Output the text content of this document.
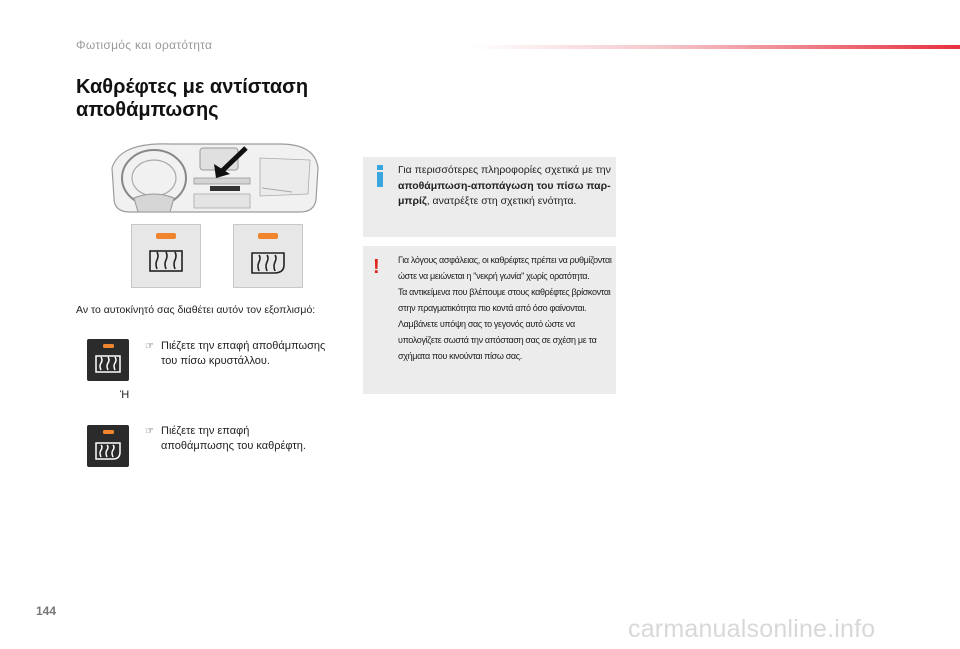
Φωτισμός και ορατότητα
Καθρέφτες με αντίσταση
αποθάμπωσης
Αν το αυτοκίνητό σας διαθέτει αυτόν τον εξοπλισμό:
☞ Πιέζετε την επαφή αποθάμπωσης
του πίσω κρυστάλλου.
Ή
☞ Πιέζετε την επαφή
αποθάμπωσης του καθρέφτη.
Για περισσότερες πληροφορίες σχετικά με την αποθάμπωση-αποπάγωση του πίσω παρ-μπρίζ, ανατρέξτε στη σχετική ενότητα.
! Για λόγους ασφάλειας, οι καθρέφτες πρέπει να ρυθμίζονται ώστε να μειώνεται η "νεκρή γωνία" χωρίς ορατότητα.
Τα αντικείμενα που βλέπουμε στους καθρέφτες βρίσκονται στην πραγματικότητα πιο κοντά από όσο φαίνονται.
Λαμβάνετε υπόψη σας το γεγονός αυτό ώστε να υπολογίζετε σωστά την απόσταση σας σε σχέση με τα σχήματα που κινούνται πίσω σας.
144
carmanualsonline.info
